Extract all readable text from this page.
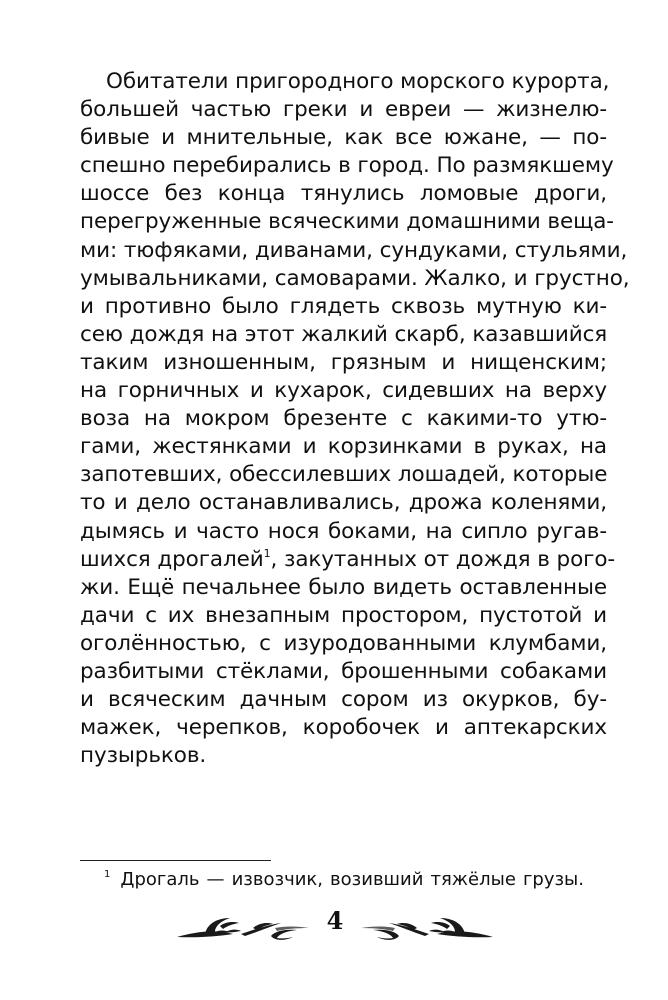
Обитатели пригородного морского курорта,
большей частью греки и евреи — жизнелю-
бивые и мнительные, как все южане, — по-
спешно перебирались в город. По размякшему
шоссе без конца тянулись ломовые дроги,
перегруженные всяческими домашними веща-
ми: тюфяками, диванами, сундуками, стульями,
умывальниками, самоварами. Жалко, и грустно,
и противно было глядеть сквозь мутную ки-
сею дождя на этот жалкий скарб, казавшийся
таким изношенным, грязным и нищенским;
на горничных и кухарок, сидевших на верху
воза на мокром брезенте с какими-то утю-
гами, жестянками и корзинками в руках, на
запотевших, обессилевших лошадей, которые
то и дело останавливались, дрожа коленями,
дымясь и часто нося боками, на сипло ругав-
шихся дрогалей$^1$, закутанных от дождя в рого-
жи. Ещё печальнее было видеть оставленные
дачи с их внезапным простором, пустотой и
оголённостью, с изуродованными клумбами,
разбитыми стёклами, брошенными собаками
и всяческим дачным сором из окурков, бу-
мажек, черепков, коробочек и аптекарских
пузырьков.
$^1$ Дрогаль — извозчик, возивший тяжёлые грузы.
4
